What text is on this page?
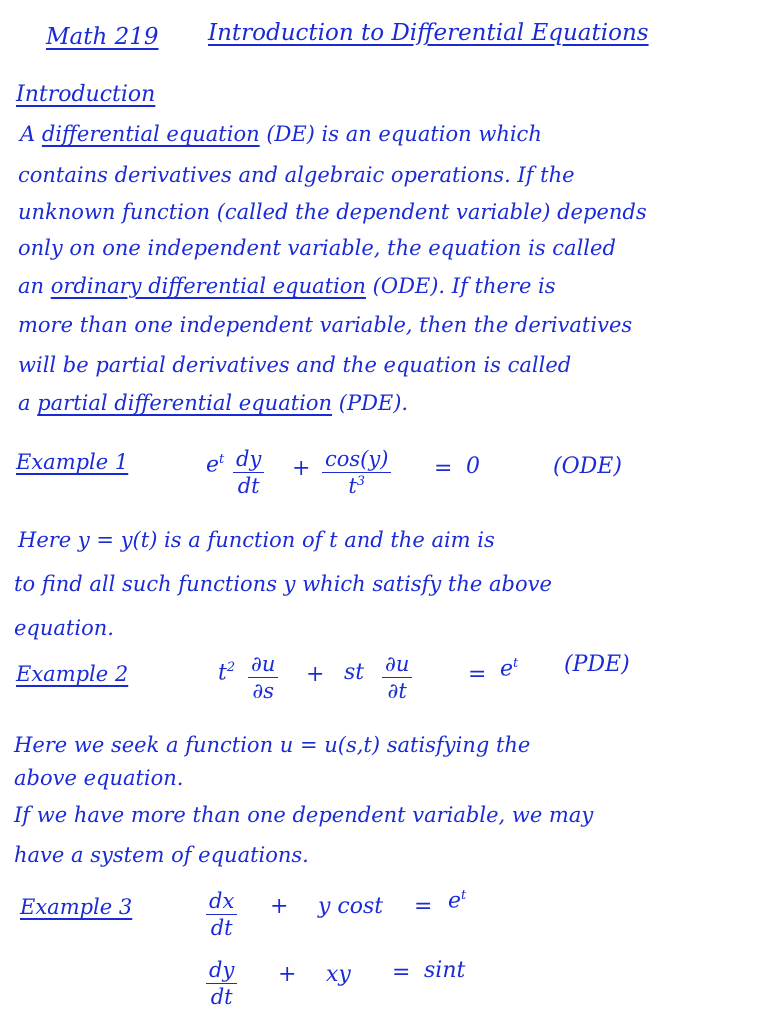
Math 219 Introduction to Differential Equations
Introduction
A differential equation (DE) is an equation which
contains derivatives and algebraic operations. If the
unknown function (called the dependent variable) depends
only on one independent variable, the equation is called
an ordinary differential equation (ODE). If there is
more than one independent variable, then the derivatives
will be partial derivatives and the equation is called
a partial differential equation (PDE).
Example 1	$e^t \frac{dy}{dt} + \frac{\cos(y)}{t^3} = 0$	(ODE)
Here y = y(t) is a function of t and the aim is
to find all such functions y which satisfy the above
equation.
Example 2	$t^2 \frac{\partial u}{\partial s}$ + st $\frac{\partial u}{\partial t}$	= $e^t$ (PDE)
Here we seek a function u = u(s,t) satisfying the
above equation.
If we have more than one dependent variable, we may
have a system of equations.
Example 3	$\frac{dx}{dt} + y$ $\cos t = e^t$
$\frac{dy}{dt}$ + xy = sint
